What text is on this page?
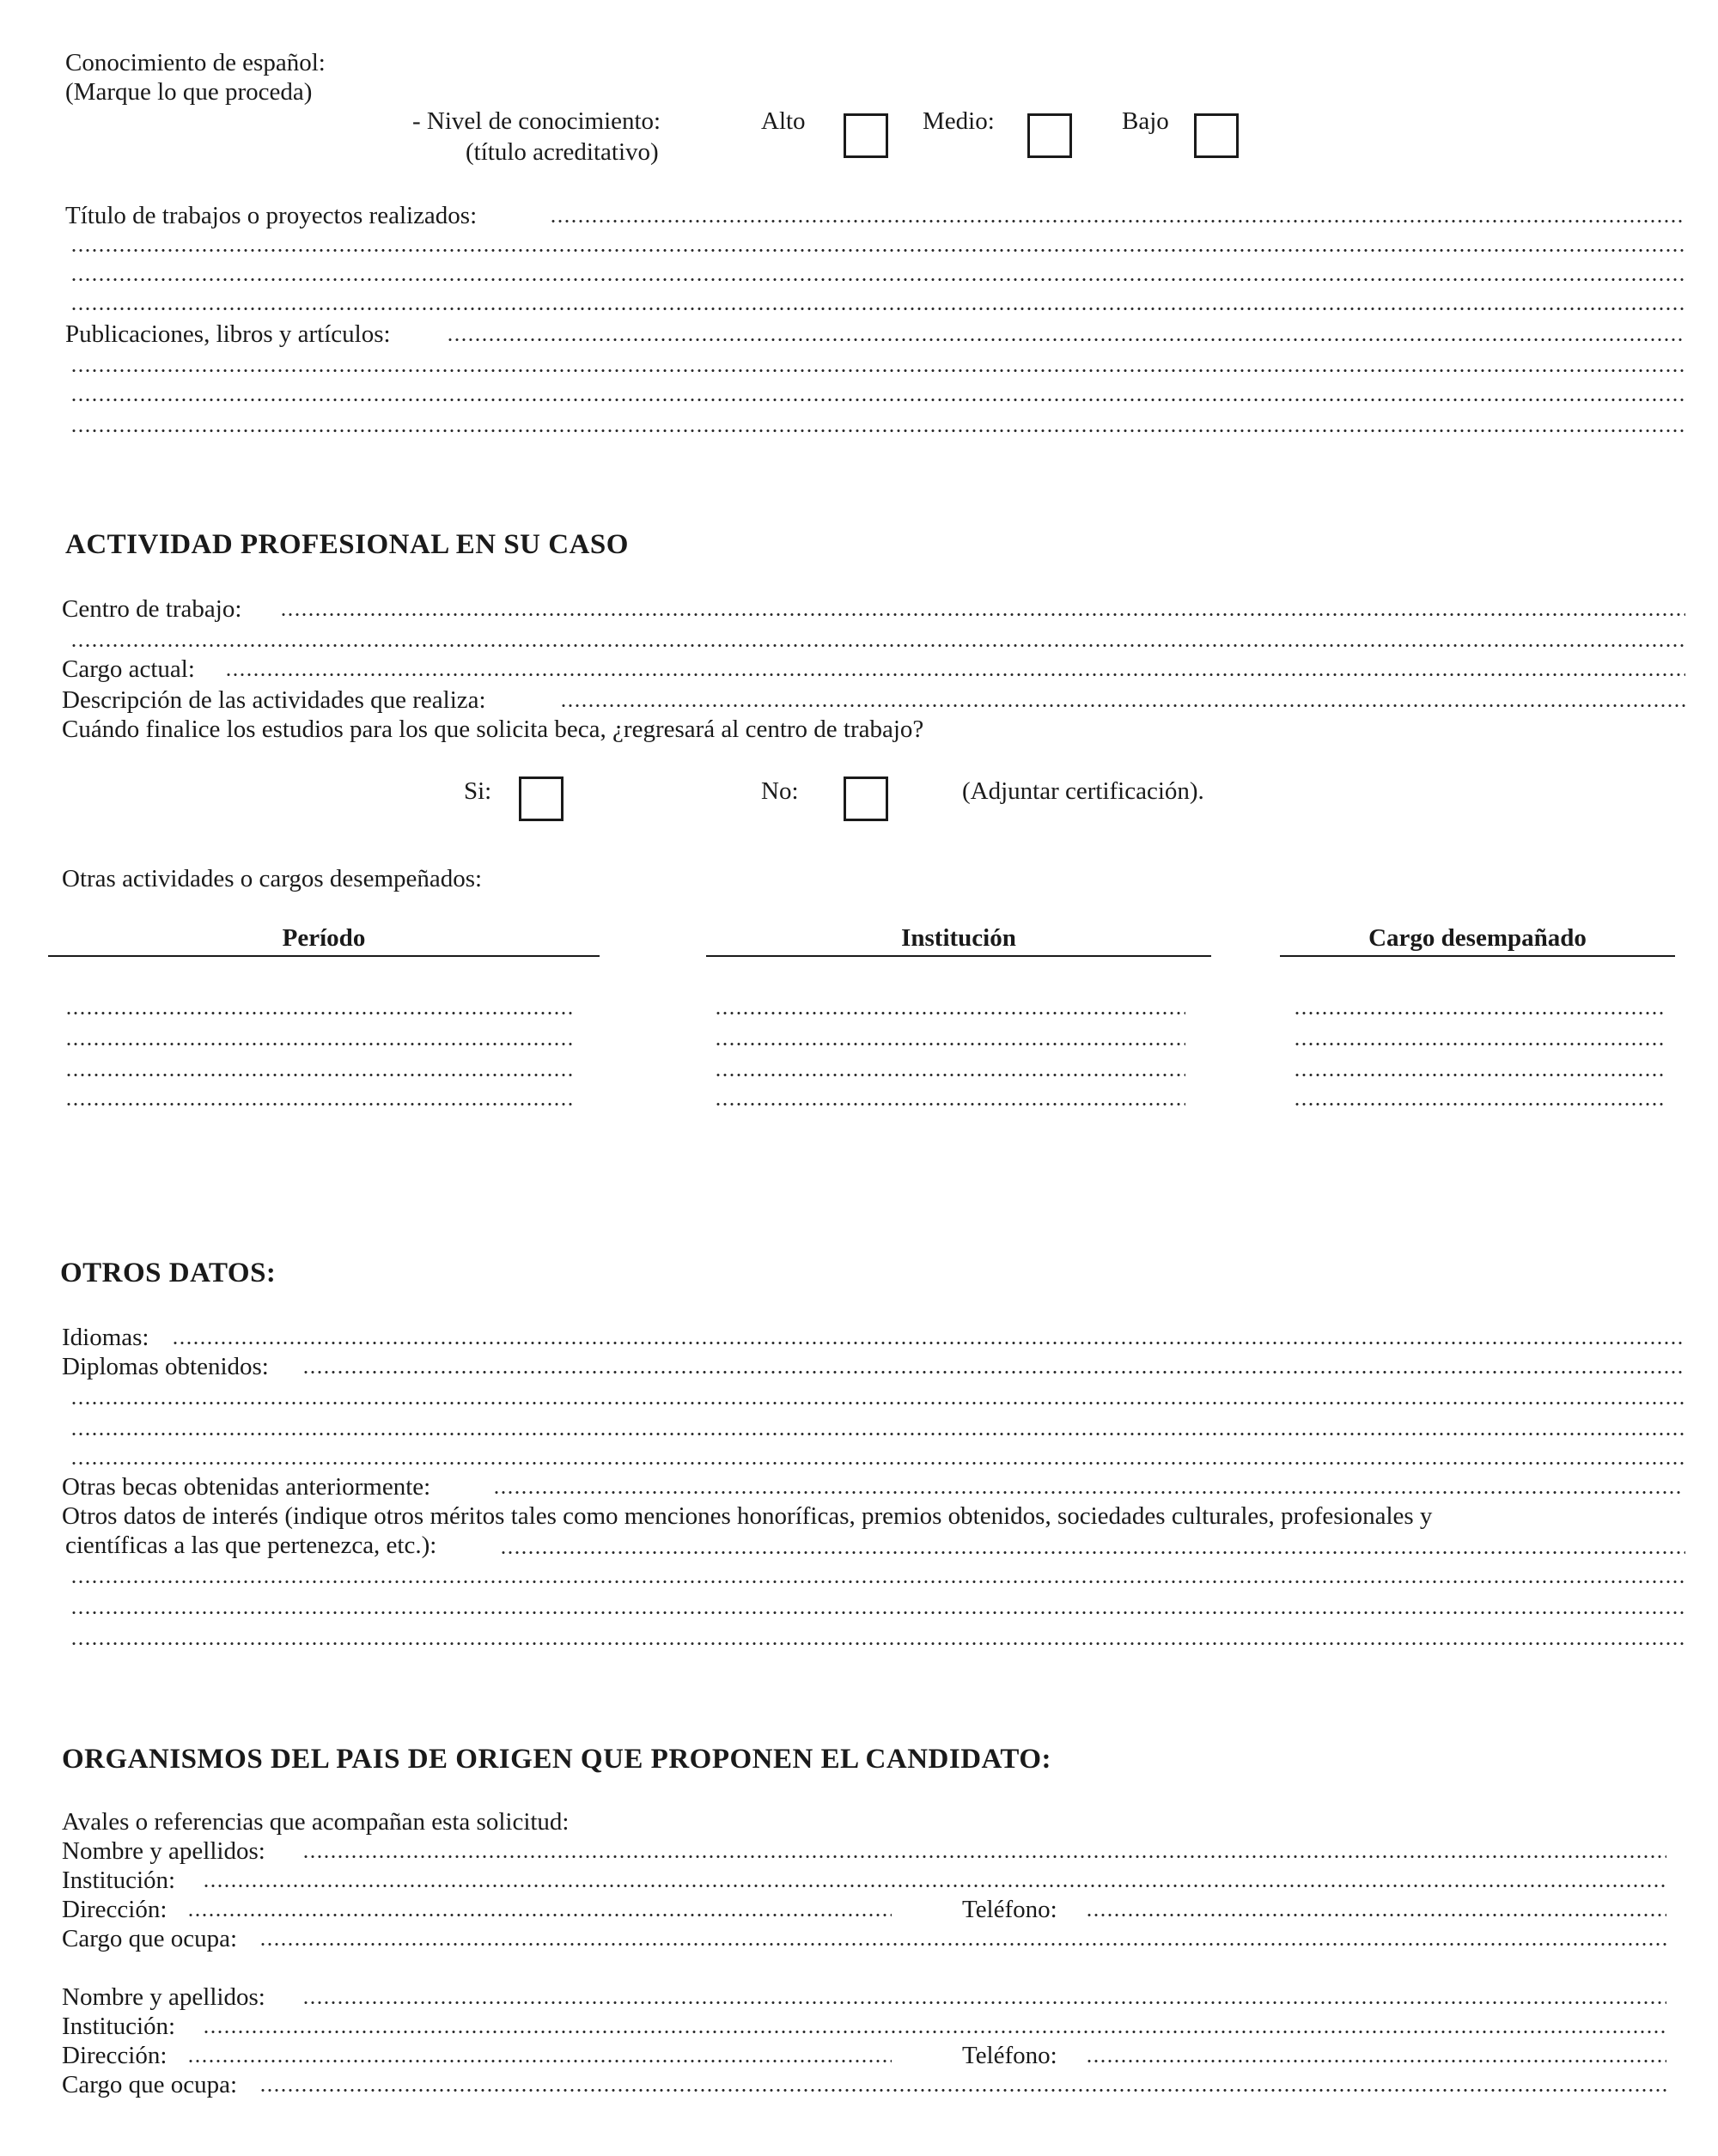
Conocimiento de español:
(Marque lo que proceda)
- Nivel de conocimiento:
(título acreditativo)
Alto	Medio:	Bajo
Título de trabajos o proyectos realizados:
Publicaciones, libros y artículos:
ACTIVIDAD PROFESIONAL EN SU CASO
Centro de trabajo:
Cargo actual:
Descripción de las actividades que realiza:
Cuándo finalice los estudios para los que solicita beca, ¿regresará al centro de trabajo?
Si:	No:	(Adjuntar certificación).
Otras actividades o cargos desempeñados:
Período	Institución	Cargo desempañado
OTROS DATOS:
Idiomas:
Diplomas obtenidos:
Otras becas obtenidas anteriormente:
Otros datos de interés (indique otros méritos tales como menciones honoríficas, premios obtenidos, sociedades culturales, profesionales y
científicas a las que pertenezca, etc.):
ORGANISMOS DEL PAIS DE ORIGEN QUE PROPONEN EL CANDIDATO:
Avales o referencias que acompañan esta solicitud:
Nombre y apellidos:
Institución:
Dirección:	Teléfono:
Cargo que ocupa:
Nombre y apellidos:
Institución:
Dirección:	Teléfono:
Cargo que ocupa:
